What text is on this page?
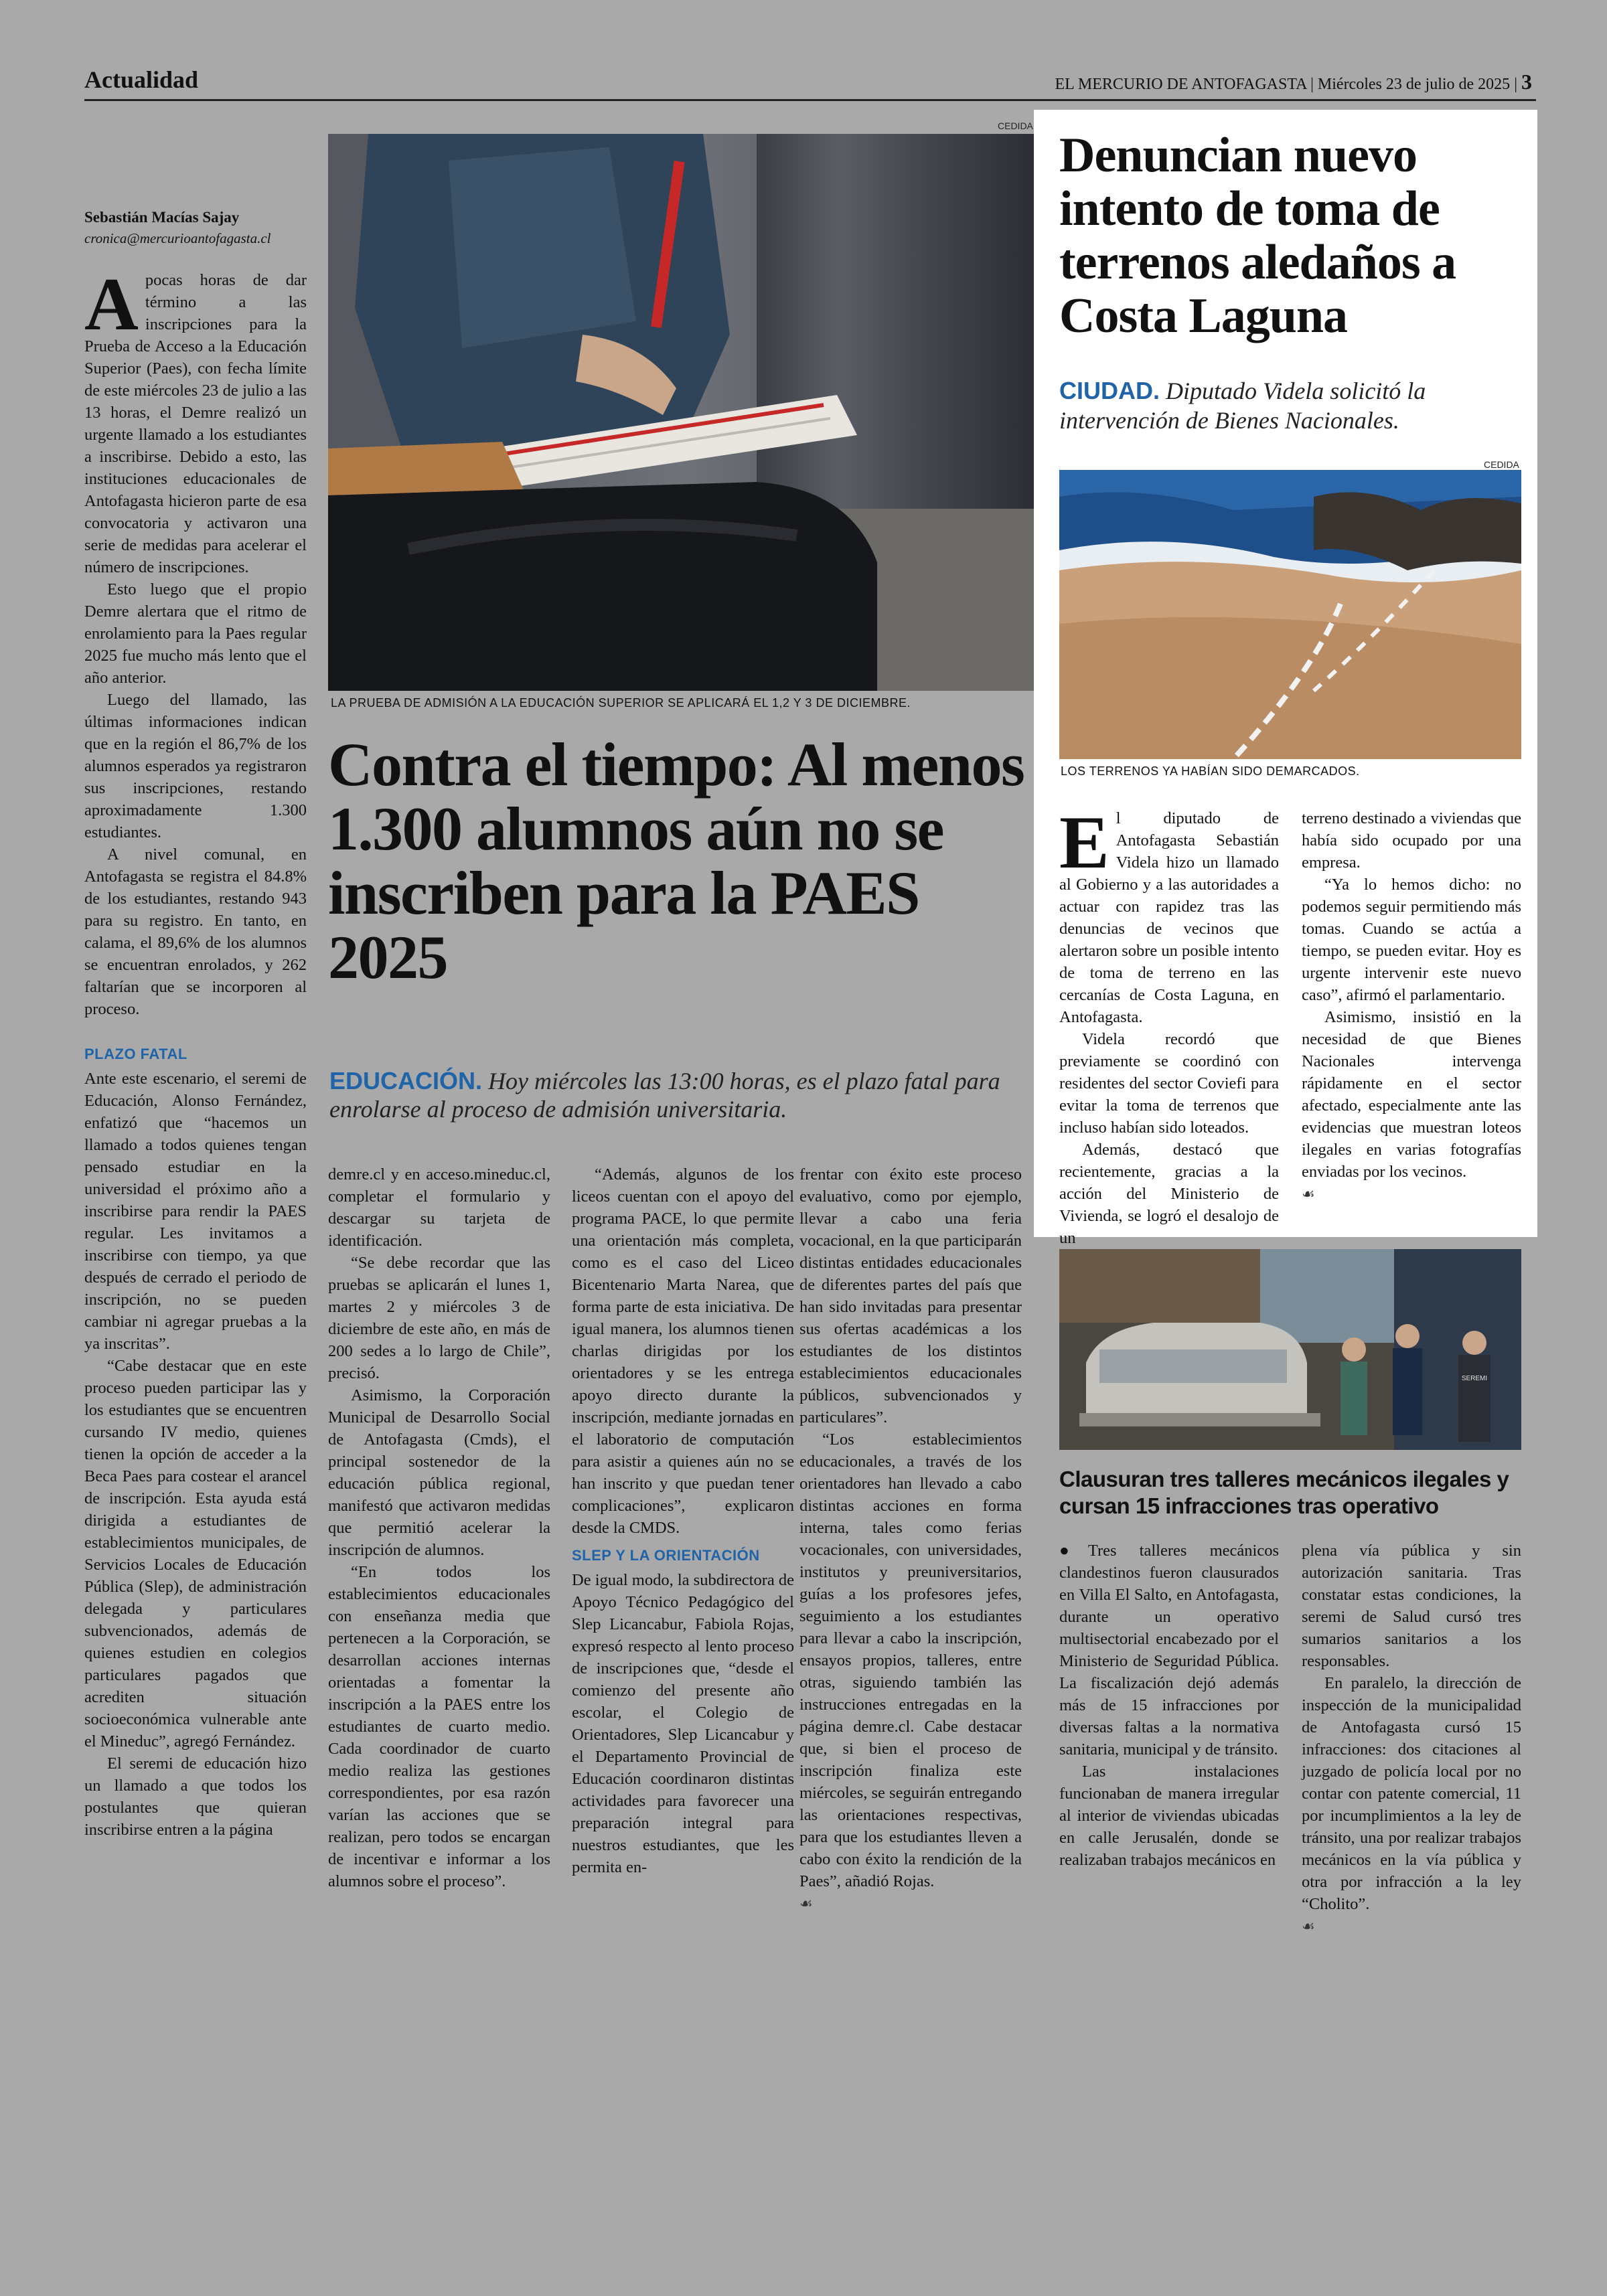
Actualidad	EL MERCURIO DE ANTOFAGASTA | Miércoles 23 de julio de 2025 | 3
CEDIDA
LA PRUEBA DE ADMISIÓN A LA EDUCACIÓN SUPERIOR SE APLICARÁ EL 1,2 Y 3 DE DICIEMBRE.
Contra el tiempo: Al menos 1.300 alumnos aún no se inscriben para la PAES 2025
EDUCACIÓN. Hoy miércoles las 13:00 horas, es el plazo fatal para enrolarse al proceso de admisión universitaria.
Sebastián Macías Sajay
cronica@mercurioantofagasta.cl
A pocas horas de dar término a las inscripciones para la Prueba de Acceso a la Educación Superior (Paes), con fecha límite de este miércoles 23 de julio a las 13 horas, el Demre realizó un urgente llamado a los estudiantes a inscribirse. Debido a esto, las instituciones educacionales de Antofagasta hicieron parte de esa convocatoria y activaron una serie de medidas para acelerar el número de inscripciones.

Esto luego que el propio Demre alertara que el ritmo de enrolamiento para la Paes regular 2025 fue mucho más lento que el año anterior.

Luego del llamado, las últimas informaciones indican que en la región el 86,7% de los alumnos esperados ya registraron sus inscripciones, restando aproximadamente 1.300 estudiantes.

A nivel comunal, en Antofagasta se registra el 84.8% de los estudiantes, restando 943 para su registro. En tanto, en calama, el 89,6% de los alumnos se encuentran enrolados, y 262 faltarían que se incorporen al proceso.

PLAZO FATAL

Ante este escenario, el seremi de Educación, Alonso Fernández, enfatizó que “hacemos un llamado a todos quienes tengan pensado estudiar en la universidad el próximo año a inscribirse para rendir la PAES regular. Les invitamos a inscribirse con tiempo, ya que después de cerrado el periodo de inscripción, no se pueden cambiar ni agregar pruebas a la ya inscritas”.

“Cabe destacar que en este proceso pueden participar las y los estudiantes que se encuentren cursando IV medio, quienes tienen la opción de acceder a la Beca Paes para costear el arancel de inscripción. Esta ayuda está dirigida a estudiantes de establecimientos municipales, de Servicios Locales de Educación Pública (Slep), de administración delegada y particulares subvencionados, además de quienes estudien en colegios particulares pagados que acrediten situación socioeconómica vulnerable ante el Mineduc”, agregó Fernández.

El seremi de educación hizo un llamado a que todos los postulantes que quieran inscribirse entren a la página

demre.cl y en acceso.mineduc.cl, completar el formulario y descargar su tarjeta de identificación.

“Se debe recordar que las pruebas se aplicarán el lunes 1, martes 2 y miércoles 3 de diciembre de este año, en más de 200 sedes a lo largo de Chile”, precisó.

Asimismo, la Corporación Municipal de Desarrollo Social de Antofagasta (Cmds), el principal sostenedor de la educación pública regional, manifestó que activaron medidas que permitió acelerar la inscripción de alumnos.

“En todos los establecimientos educacionales con enseñanza media que pertenecen a la Corporación, se desarrollan acciones internas orientadas a fomentar la inscripción a la PAES entre los estudiantes de cuarto medio. Cada coordinador de cuarto medio realiza las gestiones correspondientes, por esa razón varían las acciones que se realizan, pero todos se encargan de incentivar e informar a los alumnos sobre el proceso”.

“Además, algunos de los liceos cuentan con el apoyo del programa PACE, lo que permite una orientación más completa, como es el caso del Liceo Bicentenario Marta Narea, que forma parte de esta iniciativa. De igual manera, los alumnos tienen charlas dirigidas por los orientadores y se les entrega apoyo directo durante la inscripción, mediante jornadas en el laboratorio de computación para asistir a quienes aún no se han inscrito y que puedan tener complicaciones”, explicaron desde la CMDS.

SLEP Y LA ORIENTACIÓN

De igual modo, la subdirectora de Apoyo Técnico Pedagógico del Slep Licancabur, Fabiola Rojas, expresó respecto al lento proceso de inscripciones que, “desde el comienzo del presente año escolar, el Colegio de Orientadores, Slep Licancabur y el Departamento Provincial de Educación coordinaron distintas actividades para favorecer una preparación integral para nuestros estudiantes, que les permita en-

frentar con éxito este proceso evaluativo, como por ejemplo, llevar a cabo una feria vocacional, en la que participarán distintas entidades educacionales de diferentes partes del país que han sido invitadas para presentar sus ofertas académicas a los estudiantes de los distintos establecimientos educacionales públicos, subvencionados y particulares”.

“Los establecimientos educacionales, a través de los orientadores han llevado a cabo distintas acciones en forma interna, tales como ferias vocacionales, con universidades, institutos y preuniversitarios, guías a los profesores jefes, seguimiento a los estudiantes para llevar a cabo la inscripción, ensayos propios, talleres, entre otras, siguiendo también las instrucciones entregadas en la página demre.cl. Cabe destacar que, si bien el proceso de inscripción finaliza este miércoles, se seguirán entregando las orientaciones respectivas, para que los estudiantes lleven a cabo con éxito la rendición de la Paes”, añadió Rojas.

☙
Denuncian nuevo intento de toma de terrenos aledaños a Costa Laguna
CIUDAD. Diputado Videla solicitó la intervención de Bienes Nacionales.
CEDIDA
LOS TERRENOS YA HABÍAN SIDO DEMARCADOS.
E l diputado de Antofagasta Sebastián Videla hizo un llamado al Gobierno y a las autoridades a actuar con rapidez tras las denuncias de vecinos que alertaron sobre un posible intento de toma de terreno en las cercanías de Costa Laguna, en Antofagasta.

Videla recordó que previamente se coordinó con residentes del sector Coviefi para evitar la toma de terrenos que incluso habían sido loteados.

Además, destacó que recientemente, gracias a la acción del Ministerio de Vivienda, se logró el desalojo de un

terreno destinado a viviendas que había sido ocupado por una empresa.

“Ya lo hemos dicho: no podemos seguir permitiendo más tomas. Cuando se actúa a tiempo, se pueden evitar. Hoy es urgente intervenir este nuevo caso”, afirmó el parlamentario.

Asimismo, insistió en la necesidad de que Bienes Nacionales intervenga rápidamente en el sector afectado, especialmente ante las evidencias que muestran loteos ilegales en varias fotografías enviadas por los vecinos.

☙
SEREMI
Clausuran tres talleres mecánicos ilegales y cursan 15 infracciones tras operativo

●Tres talleres mecánicos clandestinos fueron clausurados en Villa El Salto, en Antofagasta, durante un operativo multisectorial encabezado por el Ministerio de Seguridad Pública. La fiscalización dejó además más de 15 infracciones por diversas faltas a la normativa sanitaria, municipal y de tránsito.

Las instalaciones funcionaban de manera irregular al interior de viviendas ubicadas en calle Jerusalén, donde se realizaban trabajos mecánicos en

plena vía pública y sin autorización sanitaria. Tras constatar estas condiciones, la seremi de Salud cursó tres sumarios sanitarios a los responsables.

En paralelo, la dirección de inspección de la municipalidad de Antofagasta cursó 15 infracciones: dos citaciones al juzgado de policía local por no contar con patente comercial, 11 por incumplimientos a la ley de tránsito, una por realizar trabajos mecánicos en la vía pública y otra por infracción a la ley “Cholito”.

☙
